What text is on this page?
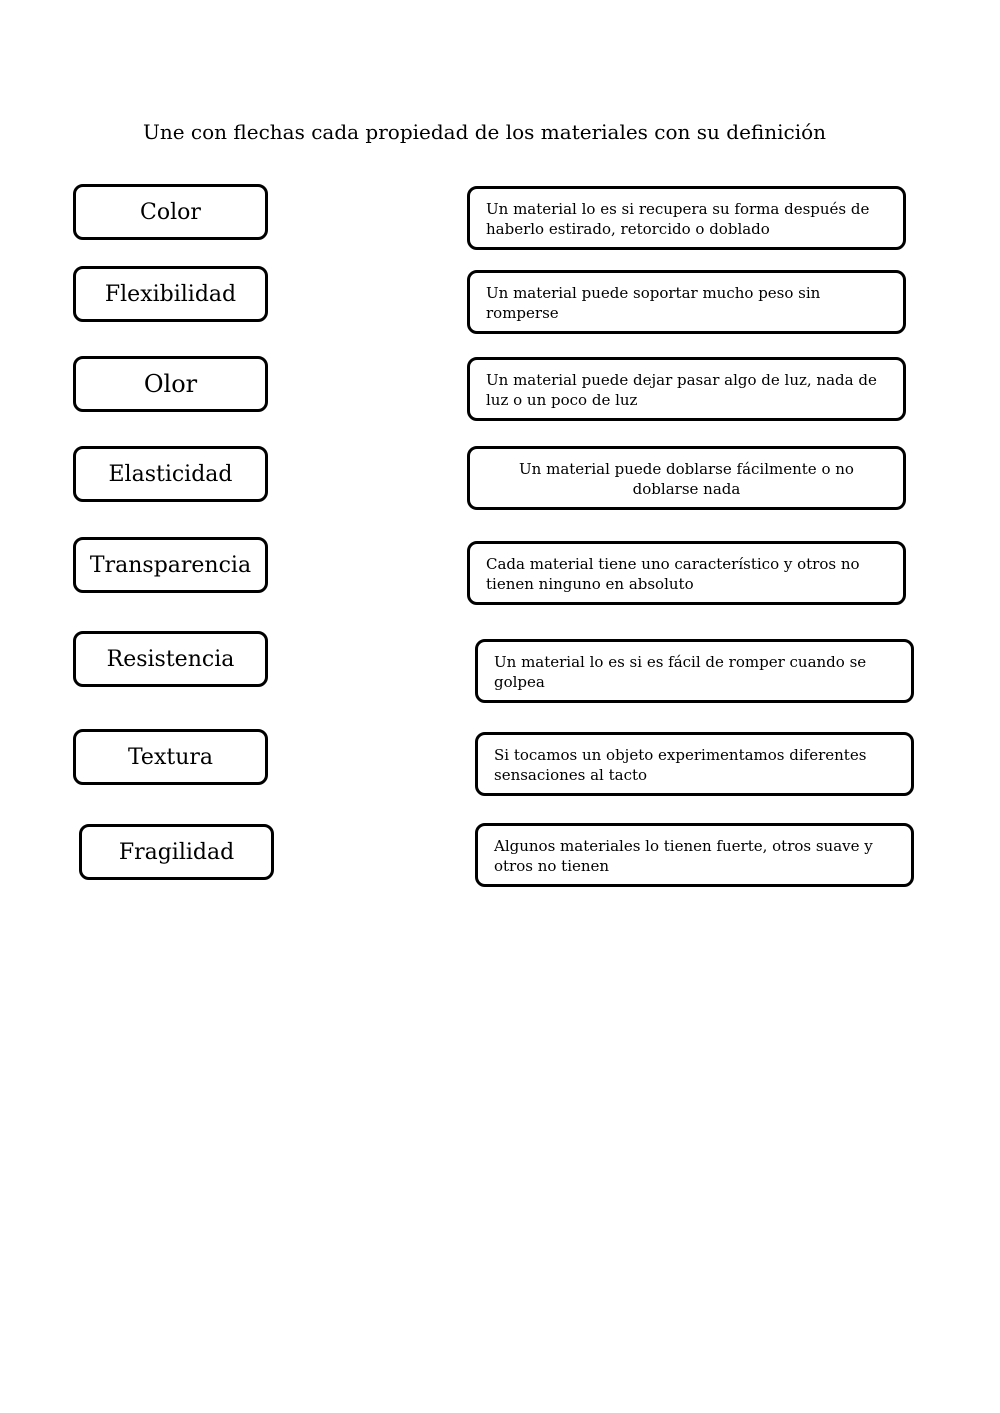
Une con flechas cada propiedad de los materiales con su definición
Color
Flexibilidad
Olor
Elasticidad
Transparencia
Resistencia
Textura
Fragilidad
Un material lo es si recupera su forma después de haberlo estirado, retorcido o doblado
Un material puede soportar mucho peso sin romperse
Un material puede dejar pasar algo de luz, nada de luz o un poco de luz
Un material puede doblarse fácilmente o no doblarse nada
Cada material tiene uno característico y otros no tienen ninguno en absoluto
Un material lo es si es fácil de romper cuando se golpea
Si tocamos un objeto experimentamos diferentes sensaciones al tacto
Algunos materiales lo tienen fuerte, otros suave y otros no tienen
